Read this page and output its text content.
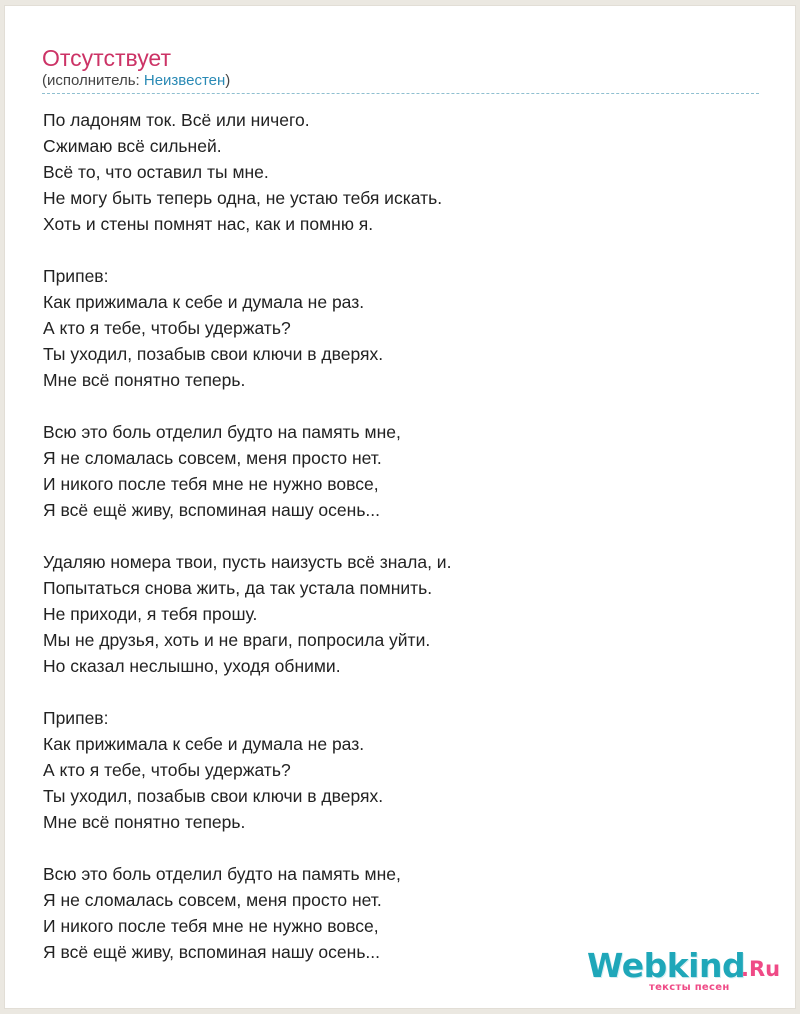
Отсутствует
(исполнитель: Неизвестен)
По ладоням ток. Всё или ничего.
Сжимаю всё сильней.
Всё то, что оставил ты мне.
Не могу быть теперь одна, не устаю тебя искать.
Хоть и стены помнят нас, как и помню я.
Припев:
Как прижимала к себе и думала не раз.
А кто я тебе, чтобы удержать?
Ты уходил, позабыв свои ключи в дверях.
Мне всё понятно теперь.
Всю это боль отделил будто на память мне,
Я не сломалась совсем, меня просто нет.
И никого после тебя мне не нужно вовсе,
Я всё ещё живу, вспоминая нашу осень...
Удаляю номера твои, пусть наизусть всё знала, и.
Попытаться снова жить, да так устала помнить.
Не приходи, я тебя прошу.
Мы не друзья, хоть и не враги, попросила уйти.
Но сказал неслышно, уходя обними.
Припев:
Как прижимала к себе и думала не раз.
А кто я тебе, чтобы удержать?
Ты уходил, позабыв свои ключи в дверях.
Мне всё понятно теперь.
Всю это боль отделил будто на память мне,
Я не сломалась совсем, меня просто нет.
И никого после тебя мне не нужно вовсе,
Я всё ещё живу, вспоминая нашу осень...	Webkind
.Ru
тексты песен
